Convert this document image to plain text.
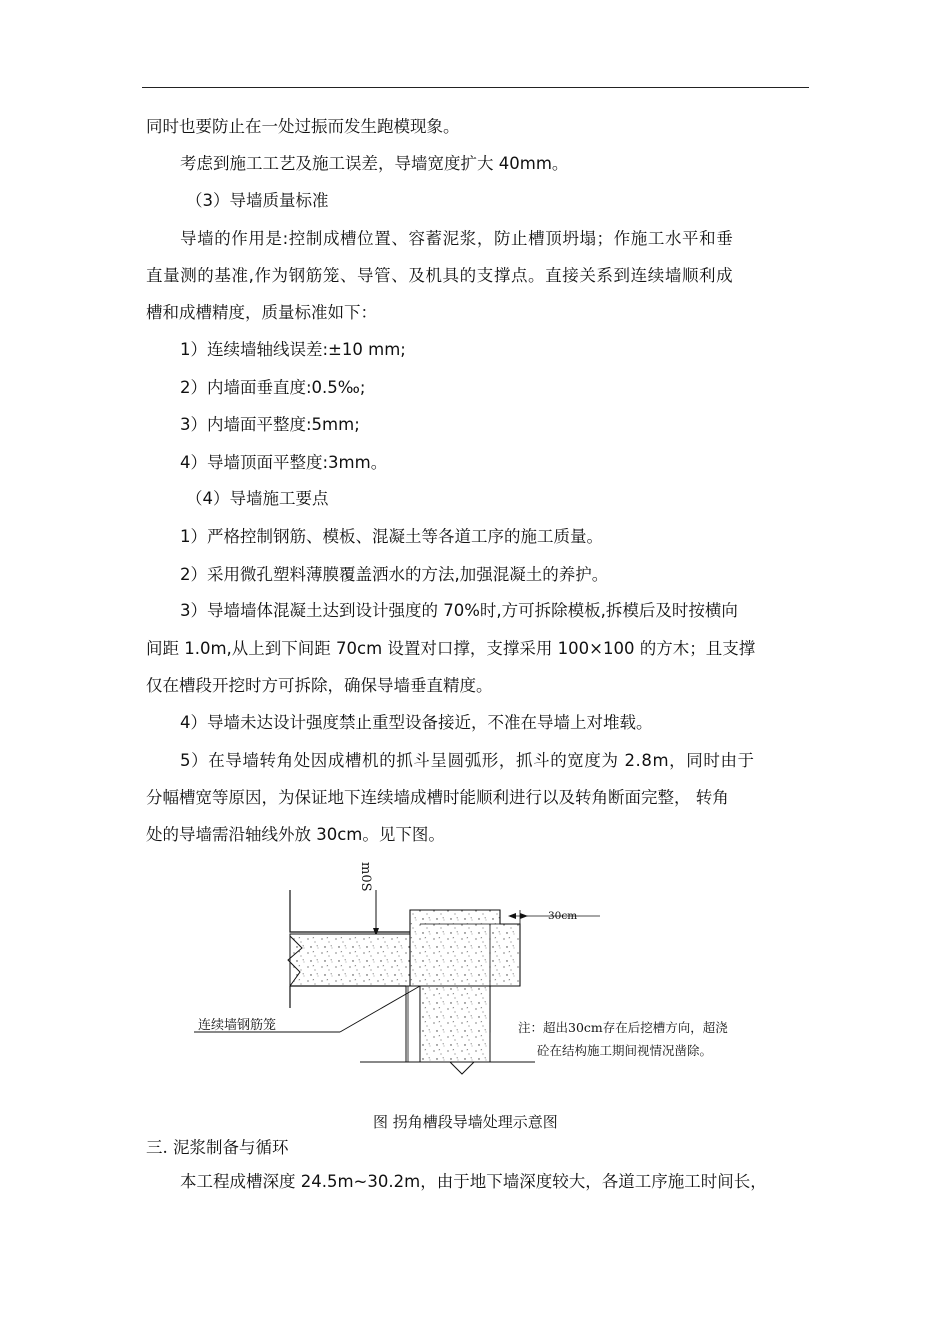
同时也要防止在一处过振而发生跑模现象。
考虑到施工工艺及施工误差，导墙宽度扩大 40mm。
（3）导墙质量标准
导墙的作用是:控制成槽位置、容蓄泥浆，防止槽顶坍塌；作施工水平和垂
直量测的基准,作为钢筋笼、导管、及机具的支撑点。直接关系到连续墙顺利成
槽和成槽精度，质量标准如下：
1）连续墙轴线误差:±10 mm;
2）内墙面垂直度:0.5‰;
3）内墙面平整度:5mm;
4）导墙顶面平整度:3mm。
（4）导墙施工要点
1）严格控制钢筋、模板、混凝土等各道工序的施工质量。
2）采用微孔塑料薄膜覆盖洒水的方法,加强混凝土的养护。
3）导墙墙体混凝土达到设计强度的 70%时,方可拆除模板,拆模后及时按横向
间距 1.0m,从上到下间距 70cm 设置对口撑，支撑采用 100×100 的方木；且支撑
仅在槽段开挖时方可拆除，确保导墙垂直精度。
4）导墙未达设计强度禁止重型设备接近，不准在导墙上对堆载。
5）在导墙转角处因成槽机的抓斗呈圆弧形，抓斗的宽度为 2.8m，同时由于
分幅槽宽等原因，为保证地下连续墙成槽时能顺利进行以及转角断面完整， 转角
处的导墙需沿轴线外放 30cm。见下图。
m0S
30cm
连续墙钢筋笼	注：超出30cm存在后挖槽方向，超浇
砼在结构施工期间视情况凿除。
图 拐角槽段导墙处理示意图
三. 泥浆制备与循环
本工程成槽深度 24.5m~30.2m，由于地下墙深度较大，各道工序施工时间长，
